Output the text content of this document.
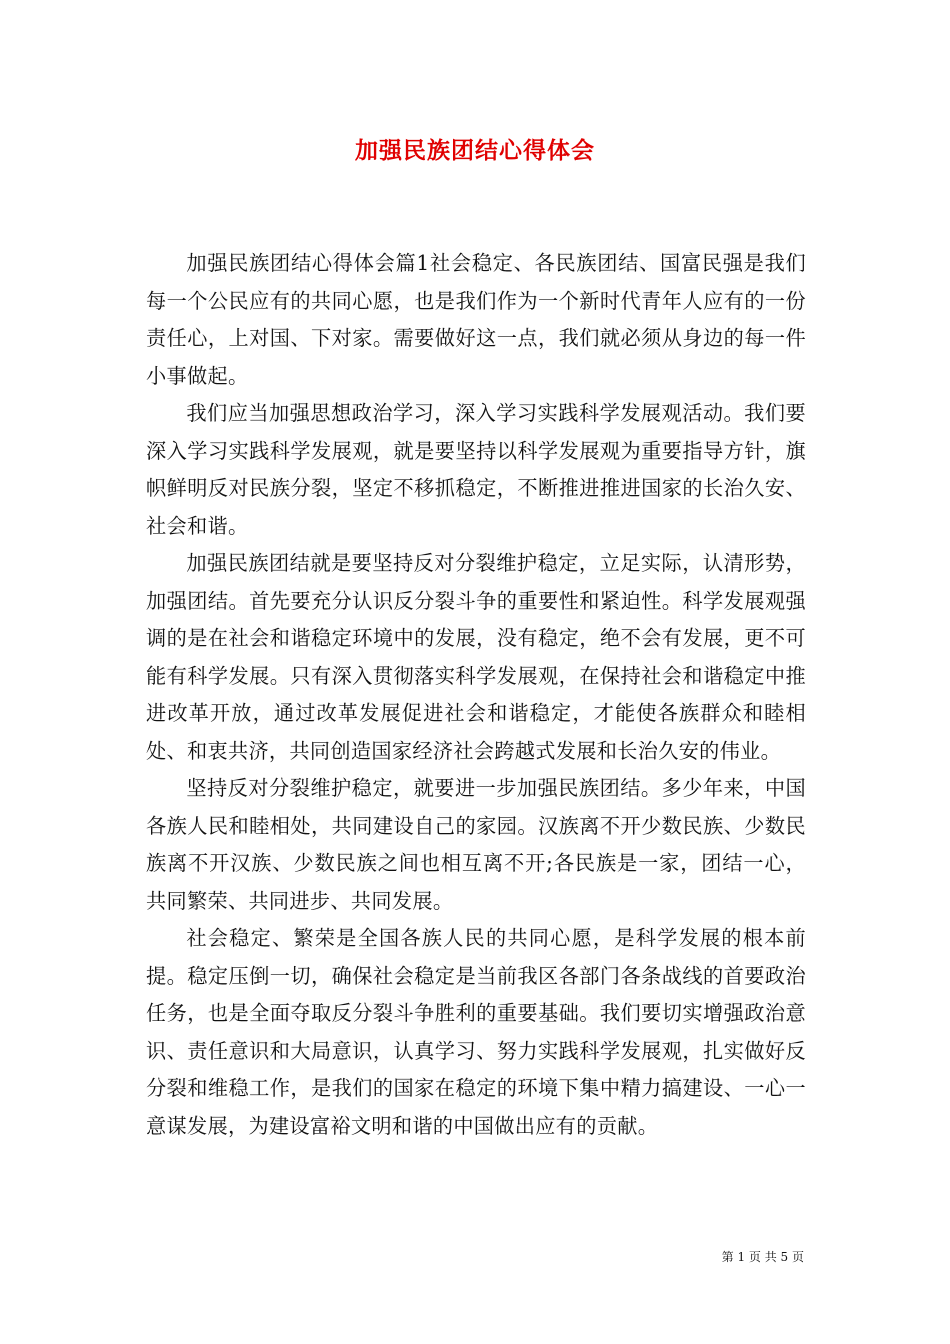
加强民族团结心得体会

加强民族团结心得体会篇1社会稳定、各民族团结、国富民强是我们每一个公民应有的共同心愿，也是我们作为一个新时代青年人应有的一份责任心，上对国、下对家。需要做好这一点，我们就必须从身边的每一件小事做起。

我们应当加强思想政治学习，深入学习实践科学发展观活动。我们要深入学习实践科学发展观，就是要坚持以科学发展观为重要指导方针，旗帜鲜明反对民族分裂，坚定不移抓稳定，不断推进推进国家的长治久安、社会和谐。

加强民族团结就是要坚持反对分裂维护稳定，立足实际，认清形势，加强团结。首先要充分认识反分裂斗争的重要性和紧迫性。科学发展观强调的是在社会和谐稳定环境中的发展，没有稳定，绝不会有发展，更不可能有科学发展。只有深入贯彻落实科学发展观，在保持社会和谐稳定中推进改革开放，通过改革发展促进社会和谐稳定，才能使各族群众和睦相处、和衷共济，共同创造国家经济社会跨越式发展和长治久安的伟业。

坚持反对分裂维护稳定，就要进一步加强民族团结。多少年来，中国各族人民和睦相处，共同建设自己的家园。汉族离不开少数民族、少数民族离不开汉族、少数民族之间也相互离不开;各民族是一家，团结一心，共同繁荣、共同进步、共同发展。

社会稳定、繁荣是全国各族人民的共同心愿，是科学发展的根本前提。稳定压倒一切，确保社会稳定是当前我区各部门各条战线的首要政治任务，也是全面夺取反分裂斗争胜利的重要基础。我们要切实增强政治意识、责任意识和大局意识，认真学习、努力实践科学发展观，扎实做好反分裂和维稳工作，是我们的国家在稳定的环境下集中精力搞建设、一心一意谋发展，为建设富裕文明和谐的中国做出应有的贡献。

第 1 页 共 5 页
